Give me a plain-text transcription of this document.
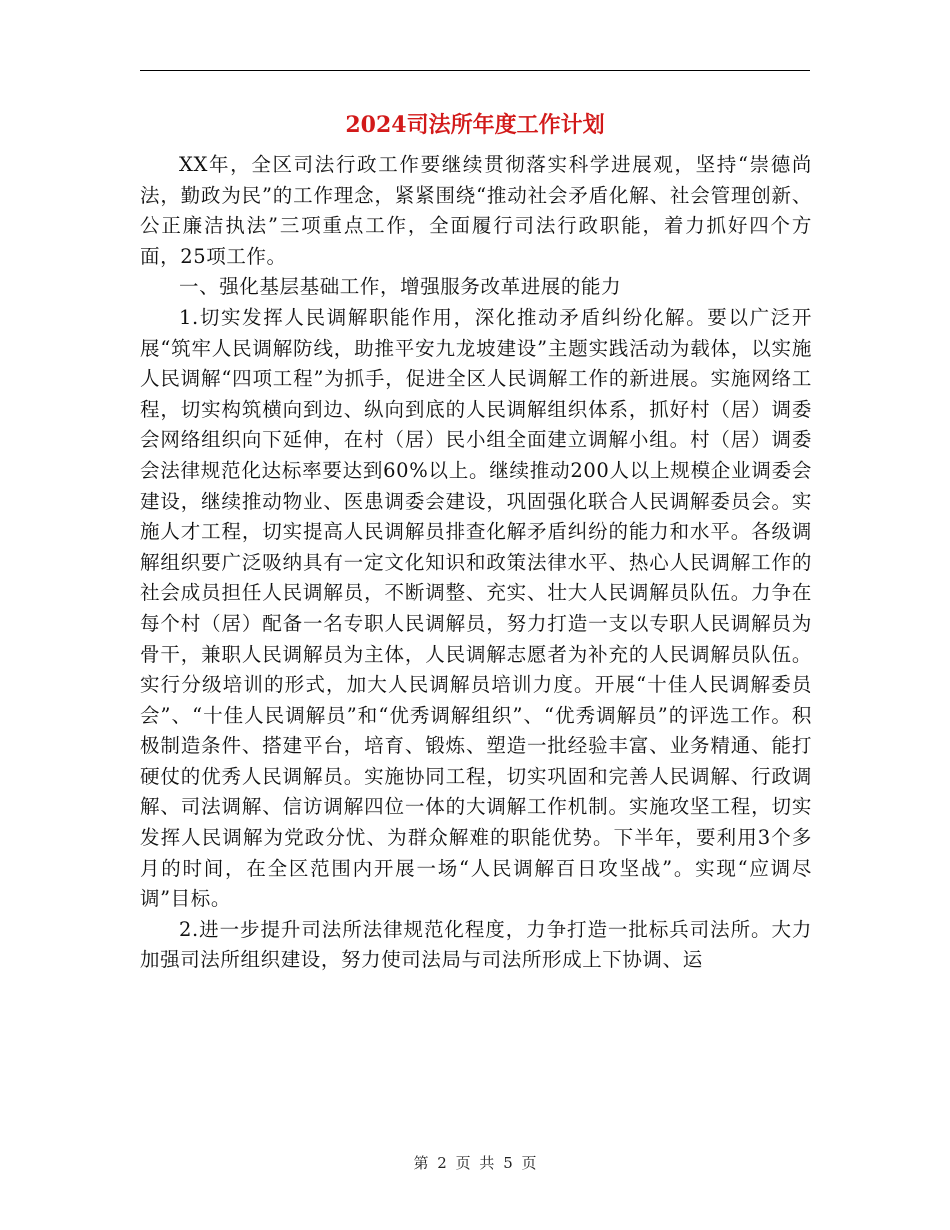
2024司法所年度工作计划

XX年，全区司法行政工作要继续贯彻落实科学进展观，坚持“崇德尚法，勤政为民”的工作理念，紧紧围绕“推动社会矛盾化解、社会管理创新、公正廉洁执法”三项重点工作，全面履行司法行政职能，着力抓好四个方面，25项工作。

一、强化基层基础工作，增强服务改革进展的能力

1.切实发挥人民调解职能作用，深化推动矛盾纠纷化解。要以广泛开展“筑牢人民调解防线，助推平安九龙坡建设”主题实践活动为载体，以实施人民调解“四项工程”为抓手，促进全区人民调解工作的新进展。实施网络工程，切实构筑横向到边、纵向到底的人民调解组织体系，抓好村（居）调委会网络组织向下延伸，在村（居）民小组全面建立调解小组。村（居）调委会法律规范化达标率要达到60%以上。继续推动200人以上规模企业调委会建设，继续推动物业、医患调委会建设，巩固强化联合人民调解委员会。实施人才工程，切实提高人民调解员排查化解矛盾纠纷的能力和水平。各级调解组织要广泛吸纳具有一定文化知识和政策法律水平、热心人民调解工作的社会成员担任人民调解员，不断调整、充实、壮大人民调解员队伍。力争在每个村（居）配备一名专职人民调解员，努力打造一支以专职人民调解员为骨干，兼职人民调解员为主体，人民调解志愿者为补充的人民调解员队伍。实行分级培训的形式，加大人民调解员培训力度。开展“十佳人民调解委员会”、“十佳人民调解员”和“优秀调解组织”、“优秀调解员”的评选工作。积极制造条件、搭建平台，培育、锻炼、塑造一批经验丰富、业务精通、能打硬仗的优秀人民调解员。实施协同工程，切实巩固和完善人民调解、行政调解、司法调解、信访调解四位一体的大调解工作机制。实施攻坚工程，切实发挥人民调解为党政分忧、为群众解难的职能优势。下半年，要利用3个多月的时间，在全区范围内开展一场“人民调解百日攻坚战”。实现“应调尽调”目标。

2.进一步提升司法所法律规范化程度，力争打造一批标兵司法所。大力加强司法所组织建设，努力使司法局与司法所形成上下协调、运

第 2 页 共 5 页
